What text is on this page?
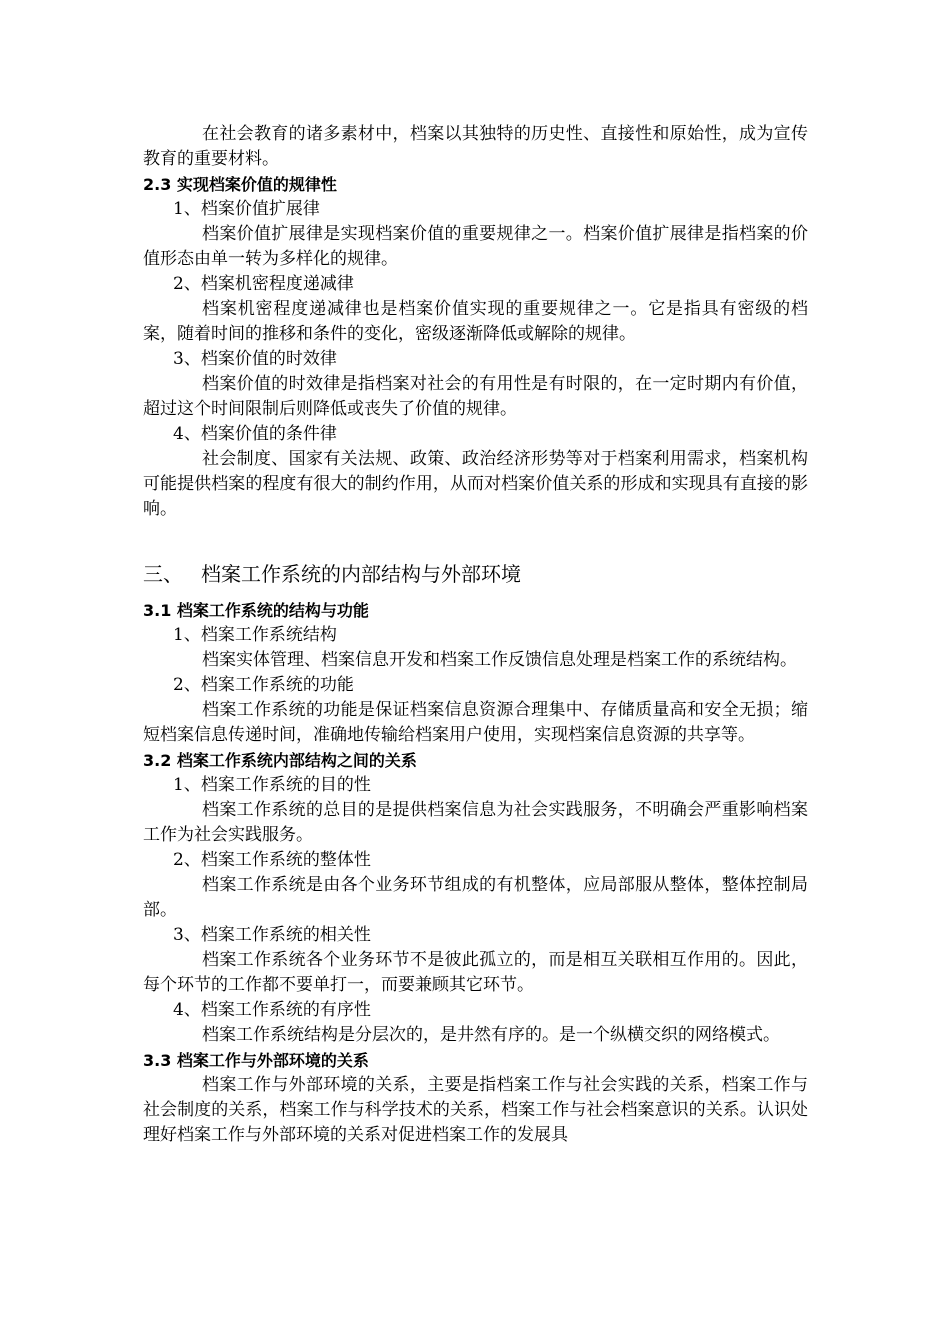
在社会教育的诸多素材中，档案以其独特的历史性、直接性和原始性，成为宣传教育的重要材料。

2.3 实现档案价值的规律性
1、档案价值扩展律

档案价值扩展律是实现档案价值的重要规律之一。档案价值扩展律是指档案的价值形态由单一转为多样化的规律。

2、档案机密程度递减律

档案机密程度递减律也是档案价值实现的重要规律之一。它是指具有密级的档案，随着时间的推移和条件的变化，密级逐渐降低或解除的规律。

3、档案价值的时效律

档案价值的时效律是指档案对社会的有用性是有时限的，在一定时期内有价值，超过这个时间限制后则降低或丧失了价值的规律。

4、档案价值的条件律

社会制度、国家有关法规、政策、政治经济形势等对于档案利用需求，档案机构可能提供档案的程度有很大的制约作用，从而对档案价值关系的形成和实现具有直接的影响。

三、 档案工作系统的内部结构与外部环境
3.1 档案工作系统的结构与功能
1、档案工作系统结构

档案实体管理、档案信息开发和档案工作反馈信息处理是档案工作的系统结构。

2、档案工作系统的功能

档案工作系统的功能是保证档案信息资源合理集中、存储质量高和安全无损；缩短档案信息传递时间，准确地传输给档案用户使用，实现档案信息资源的共享等。

3.2 档案工作系统内部结构之间的关系
1、档案工作系统的目的性

档案工作系统的总目的是提供档案信息为社会实践服务，不明确会严重影响档案工作为社会实践服务。

2、档案工作系统的整体性

档案工作系统是由各个业务环节组成的有机整体，应局部服从整体，整体控制局部。

3、档案工作系统的相关性

档案工作系统各个业务环节不是彼此孤立的，而是相互关联相互作用的。因此，每个环节的工作都不要单打一，而要兼顾其它环节。

4、档案工作系统的有序性

档案工作系统结构是分层次的，是井然有序的。是一个纵横交织的网络模式。

3.3 档案工作与外部环境的关系

档案工作与外部环境的关系，主要是指档案工作与社会实践的关系，档案工作与社会制度的关系，档案工作与科学技术的关系，档案工作与社会档案意识的关系。认识处理好档案工作与外部环境的关系对促进档案工作的发展具
